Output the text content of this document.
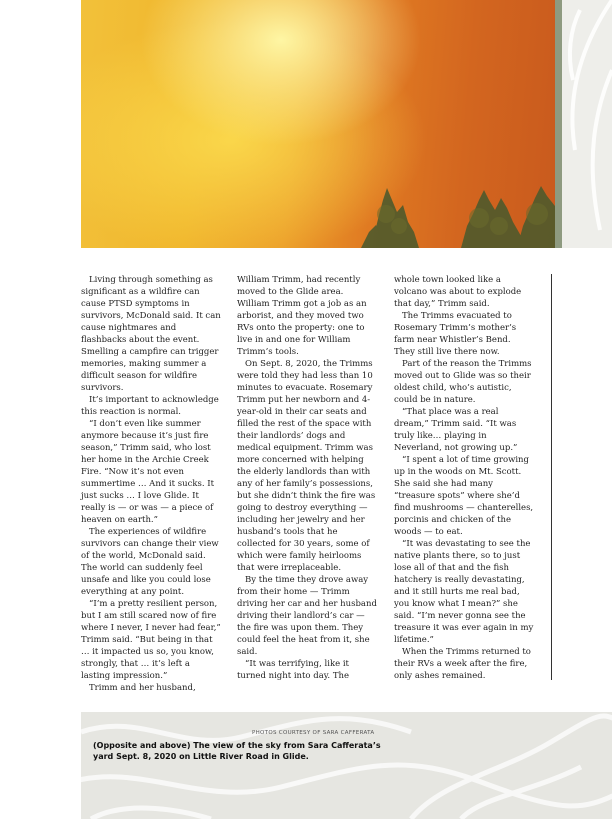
Living through something as significant as a wildfire can cause PTSD symptoms in survivors, McDonald said. It can cause nightmares and flashbacks about the event. Smelling a campfire can trigger memories, making summer a difficult season for wildfire survivors.

It’s important to acknowledge this reaction is normal.

“I don’t even like summer anymore because it’s just fire season,” Trimm said, who lost her home in the Archie Creek Fire. “Now it’s not even summertime … And it sucks. It just sucks … I love Glide. It really is — or was — a piece of heaven on earth.”

The experiences of wildfire survivors can change their view of the world, McDonald said. The world can suddenly feel unsafe and like you could lose everything at any point.

“I’m a pretty resilient person, but I am still scared now of fire where I never, I never had fear,” Trimm said. “But being in that … it impacted us so, you know, strongly, that … it’s left a lasting impression.”

Trimm and her husband,

William Trimm, had recently moved to the Glide area. William Trimm got a job as an arborist, and they moved two RVs onto the property: one to live in and one for William Trimm’s tools.

On Sept. 8, 2020, the Trimms were told they had less than 10 minutes to evacuate. Rosemary Trimm put her newborn and 4-year-old in their car seats and filled the rest of the space with their landlords’ dogs and medical equipment. Trimm was more concerned with helping the elderly landlords than with any of her family’s possessions, but she didn’t think the fire was going to destroy everything — including her jewelry and her husband’s tools that he collected for 30 years, some of which were family heirlooms that were irreplaceable.

By the time they drove away from their home — Trimm driving her car and her husband driving their landlord’s car — the fire was upon them. They could feel the heat from it, she said.

“It was terrifying, like it turned night into day. The

whole town looked like a volcano was about to explode that day,” Trimm said.

The Trimms evacuated to Rosemary Trimm’s mother’s farm near Whistler’s Bend. They still live there now.

Part of the reason the Trimms moved out to Glide was so their oldest child, who’s autistic, could be in nature.

“That place was a real dream,” Trimm said. “It was truly like… playing in Neverland, not growing up.”

“I spent a lot of time growing up in the woods on Mt. Scott. She said she had many “treasure spots” where she’d find mushrooms — chanterelles, porcinis and chicken of the woods — to eat.

“It was devastating to see the native plants there, so to just lose all of that and the fish hatchery is really devastating, and it still hurts me real bad, you know what I mean?” she said. “I’m never gonna see the treasure it was ever again in my lifetime.”

When the Trimms returned to their RVs a week after the fire, only ashes remained.

PHOTOS COURTESY OF SARA CAFFERATA
(Opposite and above) The view of the sky from Sara Cafferata’s yard Sept. 8, 2020 on Little River Road in Glide.
